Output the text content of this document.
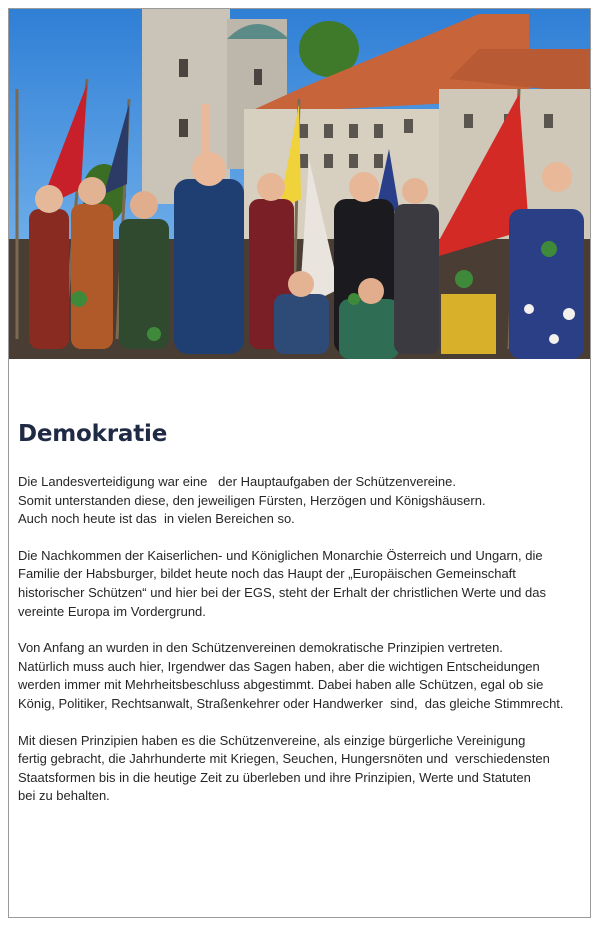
Demokratie
Die Landesverteidigung war eine   der Hauptaufgaben der Schützenvereine.
Somit unterstanden diese, den jeweiligen Fürsten, Herzögen und Königshäusern.
Auch noch heute ist das  in vielen Bereichen so.
Die Nachkommen der Kaiserlichen- und Königlichen Monarchie Österreich und Ungarn, die
Familie der Habsburger, bildet heute noch das Haupt der „Europäischen Gemeinschaft
historischer Schützen“ und hier bei der EGS, steht der Erhalt der christlichen Werte und das
vereinte Europa im Vordergrund.
Von Anfang an wurden in den Schützenvereinen demokratische Prinzipien vertreten.
Natürlich muss auch hier, Irgendwer das Sagen haben, aber die wichtigen Entscheidungen
werden immer mit Mehrheitsbeschluss abgestimmt. Dabei haben alle Schützen, egal ob sie
König, Politiker, Rechtsanwalt, Straßenkehrer oder Handwerker  sind,  das gleiche Stimmrecht.
Mit diesen Prinzipien haben es die Schützenvereine, als einzige bürgerliche Vereinigung
fertig gebracht, die Jahrhunderte mit Kriegen, Seuchen, Hungersnöten und  verschiedensten
Staatsformen bis in die heutige Zeit zu überleben und ihre Prinzipien, Werte und Statuten
bei zu behalten.
